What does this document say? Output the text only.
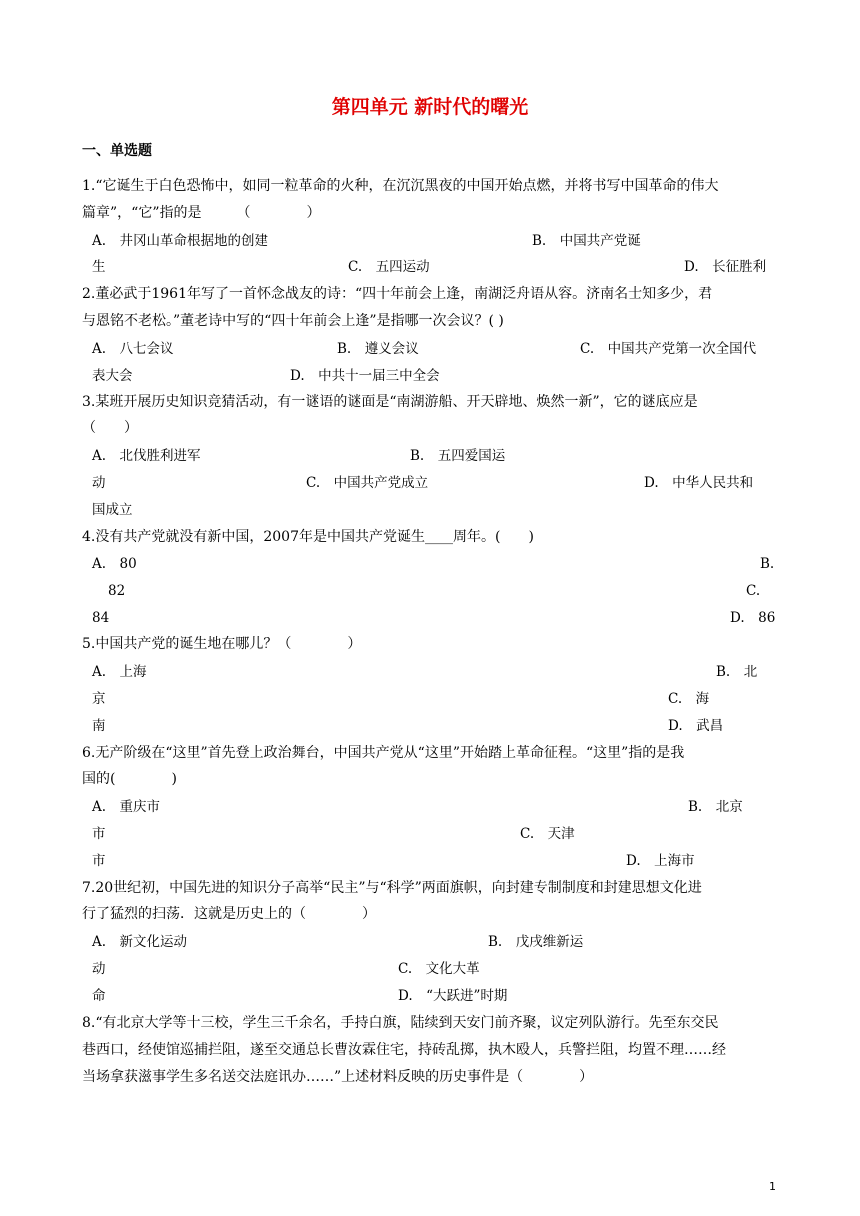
第四单元 新时代的曙光
一、单选题
1.“它诞生于白色恐怖中，如同一粒革命的火种，在沉沉黑夜的中国开始点燃，并将书写中国革命的伟大
篇章”，“它”指的是　　　（　　　　）
A.　井冈山革命根据地的创建	B.　中国共产党诞
生	C.　五四运动	D.　长征胜利
2.董必武于1961年写了一首怀念战友的诗：“四十年前会上逢，南湖泛舟语从容。济南名士知多少，君
与恩铭不老松。”董老诗中写的“四十年前会上逢”是指哪一次会议？( )
A.　八七会议	B.　遵义会议	C.　中国共产党第一次全国代
表大会	D.　中共十一届三中全会
3.某班开展历史知识竞猜活动，有一谜语的谜面是“南湖游船、开天辟地、焕然一新”，它的谜底应是
（　　）
A.　北伐胜利进军	B.　五四爱国运
动	C.　中国共产党成立	D.　中华人民共和
国成立
4.没有共产党就没有新中国，2007年是中国共产党诞生____周年。(　　)
A.　80	B.
82	C.
84	D.　86
5.中国共产党的诞生地在哪儿？（　　　　）
A.　上海	B.　北
京	C.　海
南	D.　武昌
6.无产阶级在“这里”首先登上政治舞台，中国共产党从“这里”开始踏上革命征程。“这里”指的是我
国的(　　　　)
A.　重庆市	B.　北京
市	C.　天津
市	D.　上海市
7.20世纪初，中国先进的知识分子高举“民主”与“科学”两面旗帜，向封建专制制度和封建思想文化进
行了猛烈的扫荡．这就是历史上的（　　　　）
A.　新文化运动	B.　戊戌维新运
动	C.　文化大革
命	D.　“大跃进”时期
8.“有北京大学等十三校，学生三千余名，手持白旗，陆续到天安门前齐聚，议定列队游行。先至东交民
巷西口，经使馆巡捕拦阻，遂至交通总长曹汝霖住宅，持砖乱掷，执木殴人，兵警拦阻，均置不理……经
当场拿获滋事学生多名送交法庭讯办……”上述材料反映的历史事件是（　　　　）
1
